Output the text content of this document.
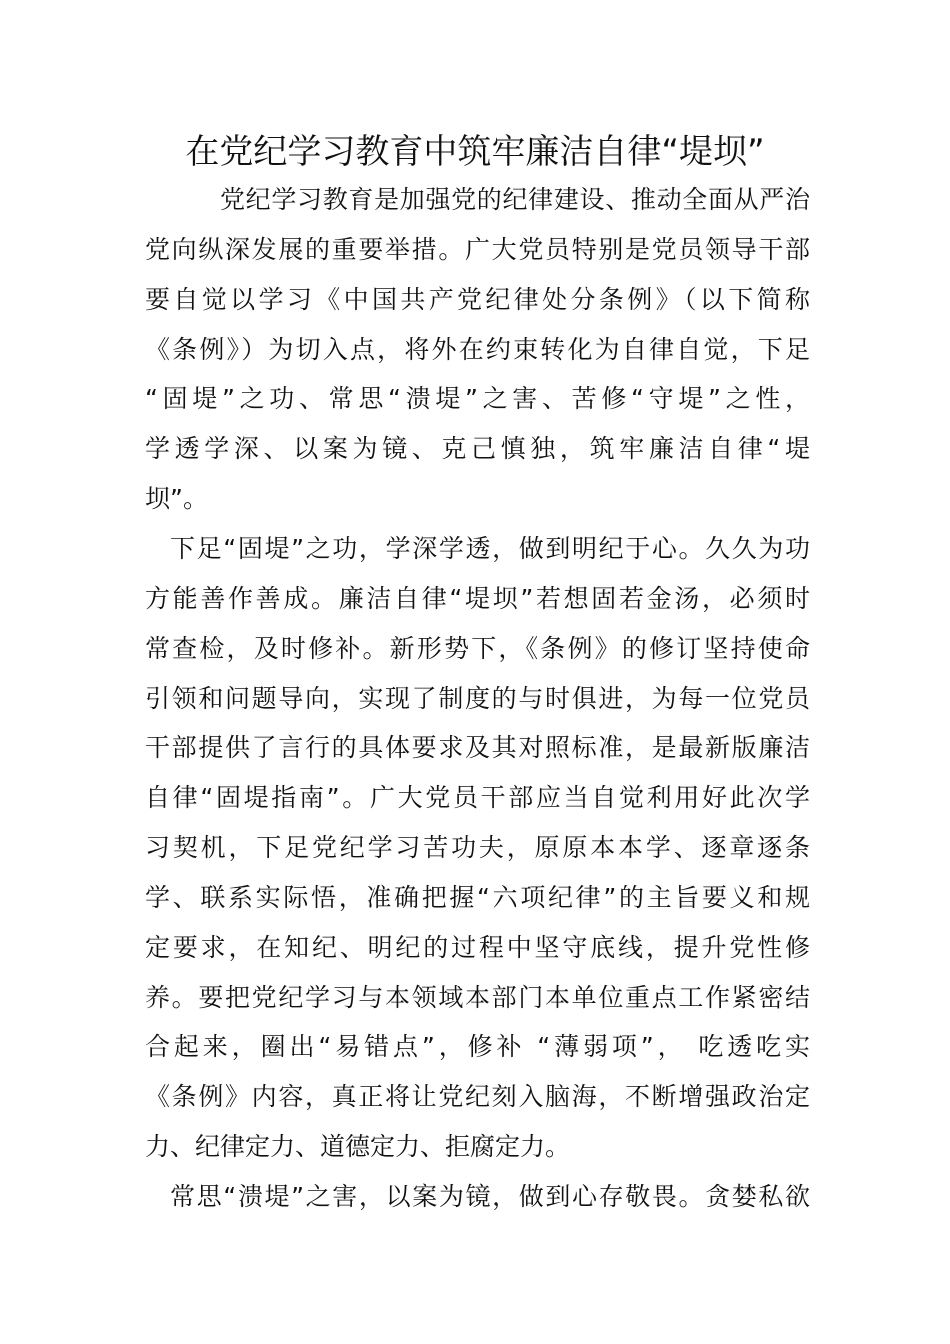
在党纪学习教育中筑牢廉洁自律“堤坝”

党纪学习教育是加强党的纪律建设、推动全面从严治

党向纵深发展的重要举措。广大党员特别是党员领导干部

要自觉以学习《中国共产党纪律处分条例》（以下简称

《条例》）为切入点，将外在约束转化为自律自觉，下足

“固堤”之功、常思“溃堤”之害、苦修“守堤”之性，

学透学深、以案为镜、克己慎独，筑牢廉洁自律“堤

坝”。

下足“固堤”之功，学深学透，做到明纪于心。久久为功

方能善作善成。廉洁自律“堤坝”若想固若金汤，必须时

常查检，及时修补。新形势下，《条例》的修订坚持使命

引领和问题导向，实现了制度的与时俱进，为每一位党员

干部提供了言行的具体要求及其对照标准，是最新版廉洁

自律“固堤指南”。广大党员干部应当自觉利用好此次学

习契机，下足党纪学习苦功夫，原原本本学、逐章逐条

学、联系实际悟，准确把握“六项纪律”的主旨要义和规

定要求，在知纪、明纪的过程中坚守底线，提升党性修

养。要把党纪学习与本领域本部门本单位重点工作紧密结

合起来，圈出“易错点”，修补 “薄弱项”， 吃透吃实

《条例》内容，真正将让党纪刻入脑海，不断增强政治定

力、纪律定力、道德定力、拒腐定力。

常思“溃堤”之害，以案为镜，做到心存敬畏。贪婪私欲
